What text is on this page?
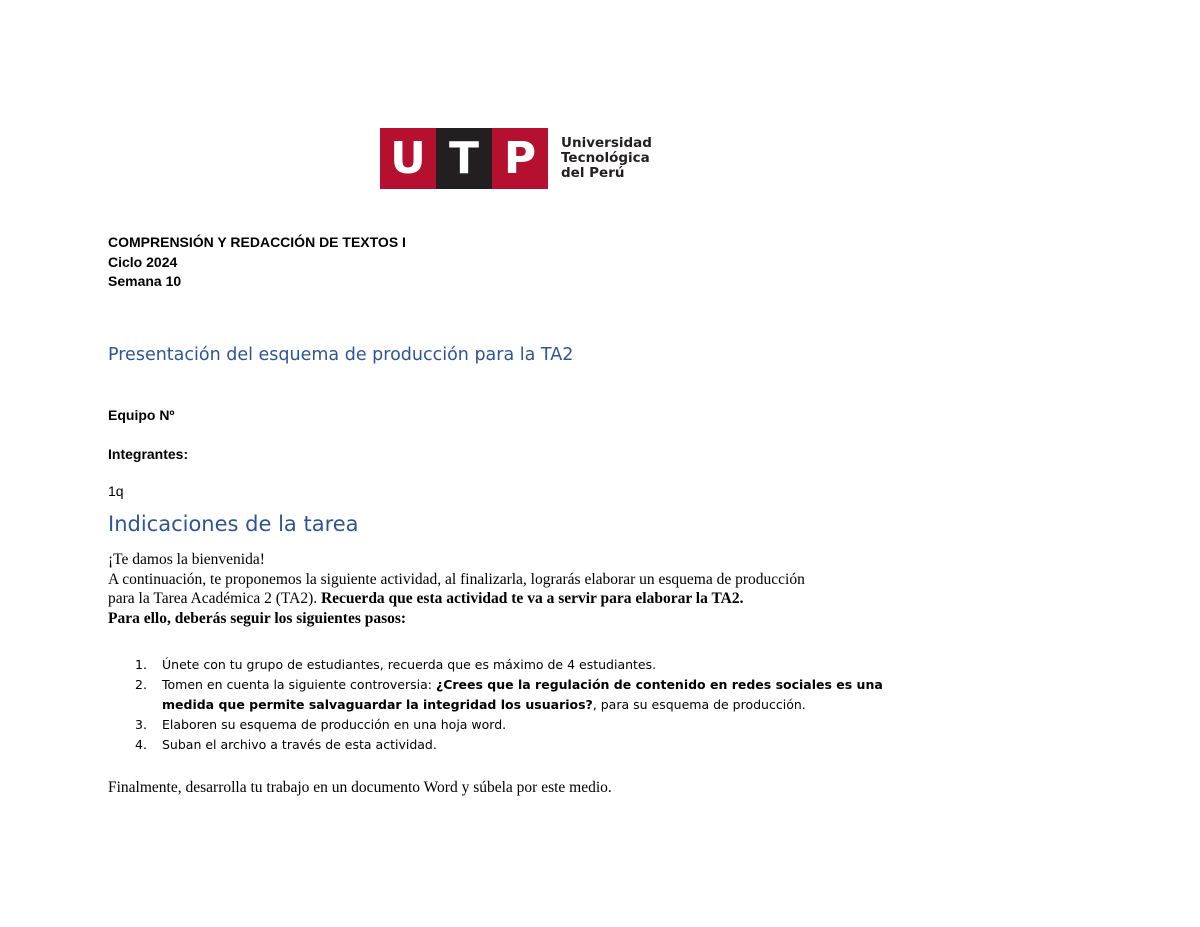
U T P	Universidad
Tecnológica
del Perú
COMPRENSIÓN Y REDACCIÓN DE TEXTOS I
Ciclo 2024
Semana 10
Presentación del esquema de producción para la TA2
Equipo Nº
Integrantes:
1q
Indicaciones de la tarea
¡Te damos la bienvenida!
A continuación, te proponemos la siguiente actividad, al finalizarla, lograrás elaborar un esquema de producción
para la Tarea Académica 2 (TA2). Recuerda que esta actividad te va a servir para elaborar la TA2.
Para ello, deberás seguir los siguientes pasos:
1. Únete con tu grupo de estudiantes, recuerda que es máximo de 4 estudiantes.
2. Tomen en cuenta la siguiente controversia: ¿Crees que la regulación de contenido en redes sociales es una
medida que permite salvaguardar la integridad los usuarios?, para su esquema de producción.
3. Elaboren su esquema de producción en una hoja word.
4. Suban el archivo a través de esta actividad.
Finalmente, desarrolla tu trabajo en un documento Word y súbela por este medio.
